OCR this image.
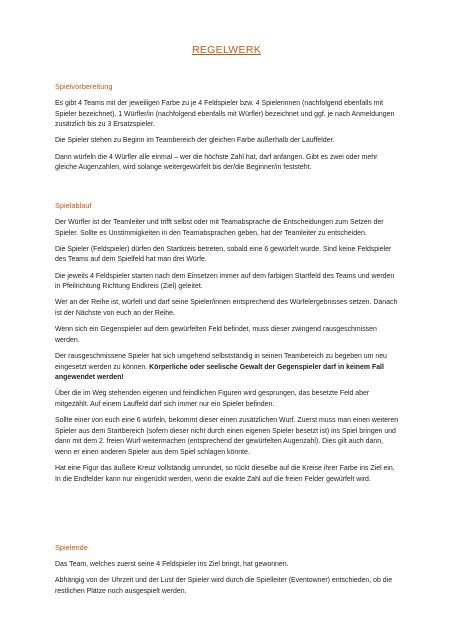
REGELWERK
Spielvorbereitung

Es gibt 4 Teams mit der jeweiligen Farbe zu je 4 Feldspieler bzw. 4 Spielerinnen (nachfolgend ebenfalls mit Spieler bezeichnet), 1 Würfler/in (nachfolgend ebenfalls mit Würfler) bezeichnet und ggf. je nach Anmeldungen zusätzlich bis zu 3 Ersatzspieler.

Die Spieler stehen zu Beginn im Teambereich der gleichen Farbe außerhalb der Lauffelder.

Dann würfeln die 4 Würfler alle einmal – wer die höchste Zahl hat, darf anfangen. Gibt es zwei oder mehr gleiche Augenzahlen, wird solange weitergewürfelt bis der/die Beginner/in feststeht.

Spielablauf

Der Würfler ist der Teamleiter und trifft selbst oder mit Teamabsprache die Entscheidungen zum Setzen der Spieler. Sollte es Unstimmigkeiten in den Teamabsprachen geben, hat der Teamleiter zu entscheiden.

Die Spieler (Feldspieler) dürfen den Startkreis betreten, sobald eine 6 gewürfelt wurde. Sind keine Feldspieler des Teams auf dem Spielfeld hat man drei Würfe.

Die jeweils 4 Feldspieler starten nach dem Einsetzen immer auf dem farbigen Startfeld des Teams und werden in Pfeilrichtung Richtung Endkreis (Ziel) geleitet.

Wer an der Reihe ist, würfelt und darf seine Spieler/innen entsprechend des Würfelergebnisses setzen. Danach ist der Nächste von euch an der Reihe.

Wenn sich ein Gegenspieler auf dem gewürfelten Feld befindet, muss dieser zwingend rausgeschmissen werden.

Der rausgeschmissene Spieler hat sich umgehend selbstständig in seinen Teambereich zu begeben um neu eingesetzt werden zu können. Körperliche oder seelische Gewalt der Gegenspieler darf in keinem Fall angewendet werden!

Über die im Weg stehenden eigenen und feindlichen Figuren wird gesprungen, das besetzte Feld aber mitgezählt. Auf einem Lauffeld darf sich immer nur ein Spieler befinden.

Sollte einer von euch eine 6 würfeln, bekommt dieser einen zusätzlichen Wurf. Zuerst muss man einen weiteren Spieler aus dem Startbereich (sofern dieser nicht durch einen eigenen Spieler besetzt ist) ins Spiel bringen und dann mit dem 2. freien Wurf weitermachen (entsprechend der gewürfelten Augenzahl). Dies gilt auch dann, wenn er einen anderen Spieler aus dem Spiel schlagen könnte.

Hat eine Figur das äußere Kreuz vollständig umrundet, so rückt dieselbe auf die Kreise ihrer Farbe ins Ziel ein. In die Endfelder kann nur eingerückt werden, wenn die exakte Zahl auf die freien Felder gewürfelt wird.

Spielende

Das Team, welches zuerst seine 4 Feldspieler ins Ziel bringt, hat gewonnen.

Abhängig von der Uhrzeit und der Lust der Spieler wird durch die Spielleiter (Eventowner) entschieden, ob die restlichen Plätze noch ausgespielt werden.
